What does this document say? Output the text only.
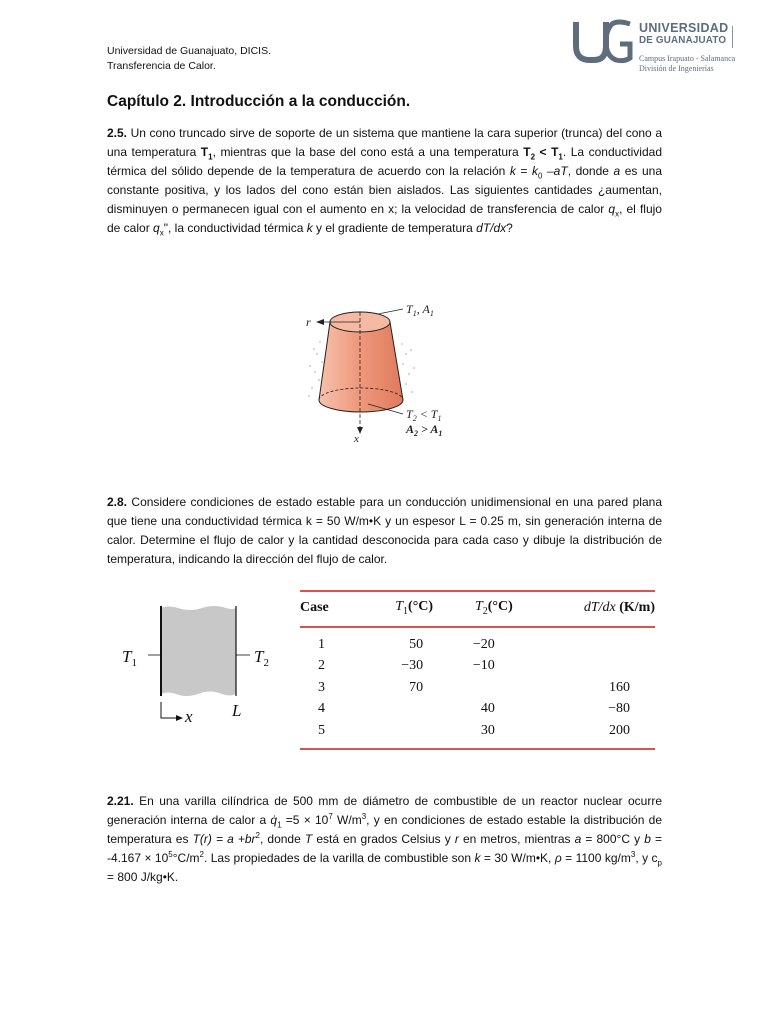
Universidad de Guanajuato, DICIS.
Transferencia de Calor.
UNIVERSIDAD
DE GUANAJUATO
Campus Irapuato - Salamanca
División de Ingenierías
Capítulo 2. Introducción a la conducción.

2.5. Un cono truncado sirve de soporte de un sistema que mantiene la cara superior (trunca) del cono a una temperatura $T_1$, mientras que la base del cono está a una temperatura $T_2 < T_1$. La conductividad térmica del sólido depende de la temperatura de acuerdo con la relación $k = k_0$ –aT, donde a es una constante positiva, y los lados del cono están bien aislados. Las siguientes cantidades ¿aumentan, disminuyen o permanecen igual con el aumento en x; la velocidad de transferencia de calor $q_x$, el flujo de calor $q_x$", la conductividad térmica k y el gradiente de temperatura dT/dx?

$T_1$, $A_1$
r
x
$T_2 < T_1$
$A_2 > A_1$

2.8. Considere condiciones de estado estable para un conducción unidimensional en una pared plana que tiene una conductividad térmica k = 50 W/m•K y un espesor L = 0.25 m, sin generación interna de calor. Determine el flujo de calor y la cantidad desconocida para cada caso y dibuje la distribución de temperatura, indicando la dirección del flujo de calor.

$T_1$	$T_2$
x L
Case	$T_1(^\circ C)$	$T_2(^\circ C)$	dT/dx (K/m)
1	50	−20	
2	−30	−10	
3	70		160
4		40	−80
5		30	200

2.21. En una varilla cilíndrica de 500 mm de diámetro de combustible de un reactor nuclear ocurre generación interna de calor a $q̇_1 =5 \times 10^7$ $W/m^3$, y en condiciones de estado estable la distribución de temperatura es $T(r) = a +br^2$, donde T está en grados Celsius y r en metros, mientras a = 800°C y $b = -4.167 \times 10^5^\circ C/m^2$. Las propiedades de la varilla de combustible son k = 30 W/m•K, ρ = 1100 $kg/m^3$, y $c_p = 800$ J/kg•K.
